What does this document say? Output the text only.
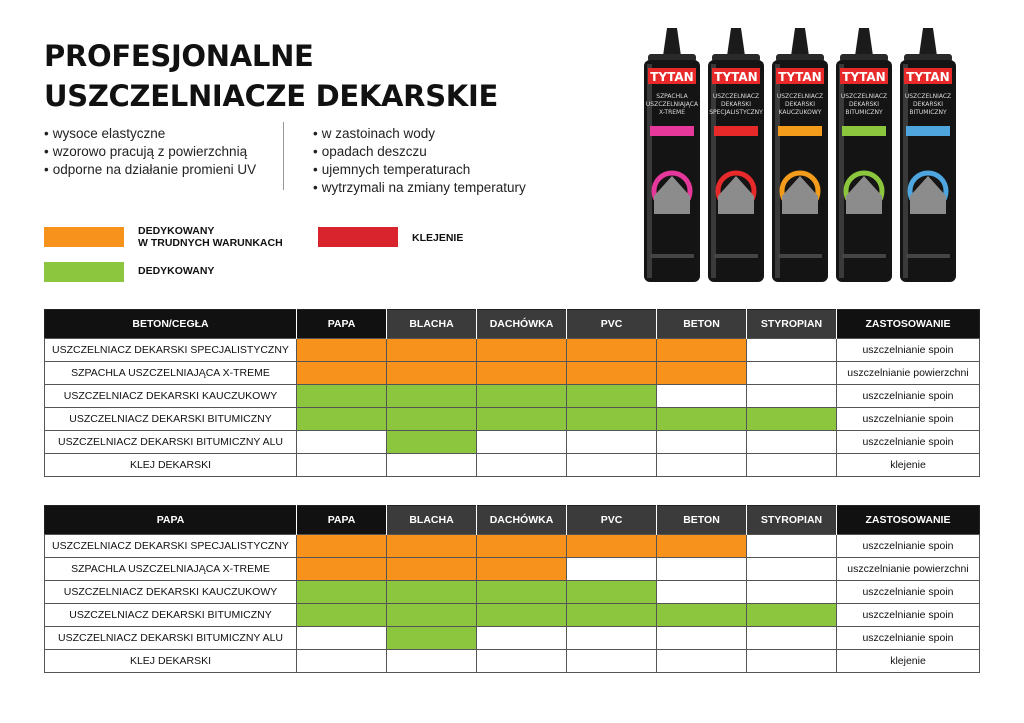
PROFESJONALNE
USZCZELNIACZE DEKARSKIE
• wysoce elastyczne
• wzorowo pracują z powierzchnią
• odporne na działanie promieni UV
• w zastoinach wody
• opadach deszczu
• ujemnych temperaturach
• wytrzymali na zmiany temperatury
DEDYKOWANY
W TRUDNYCH WARUNKACH
DEDYKOWANY
KLEJENIE
TYTAN
SZPACHLA
USZCZELNIAJĄCA
X-TREME
TYTAN
USZCZELNIACZ
DEKARSKI
SPECJALISTYCZNY
TYTAN
USZCZELNIACZ
DEKARSKI
KAUCZUKOWY
TYTAN
USZCZELNIACZ
DEKARSKI
BITUMICZNY
TYTAN
USZCZELNIACZ
DEKARSKI
BITUMICZNY
BETON/CEGŁA	PAPA	BLACHA	DACHÓWKA	PVC	BETON	STYROPIAN	ZASTOSOWANIE
USZCZELNIACZ DEKARSKI SPECJALISTYCZNY							uszczelnianie spoin
SZPACHLA USZCZELNIAJĄCA X-TREME							uszczelnianie powierzchni
USZCZELNIACZ DEKARSKI KAUCZUKOWY							uszczelnianie spoin
USZCZELNIACZ DEKARSKI BITUMICZNY							uszczelnianie spoin
USZCZELNIACZ DEKARSKI BITUMICZNY ALU							uszczelnianie spoin
KLEJ DEKARSKI							klejenie
PAPA	PAPA	BLACHA	DACHÓWKA	PVC	BETON	STYROPIAN	ZASTOSOWANIE
USZCZELNIACZ DEKARSKI SPECJALISTYCZNY							uszczelnianie spoin
SZPACHLA USZCZELNIAJĄCA X-TREME							uszczelnianie powierzchni
USZCZELNIACZ DEKARSKI KAUCZUKOWY							uszczelnianie spoin
USZCZELNIACZ DEKARSKI BITUMICZNY							uszczelnianie spoin
USZCZELNIACZ DEKARSKI BITUMICZNY ALU							uszczelnianie spoin
KLEJ DEKARSKI							klejenie
